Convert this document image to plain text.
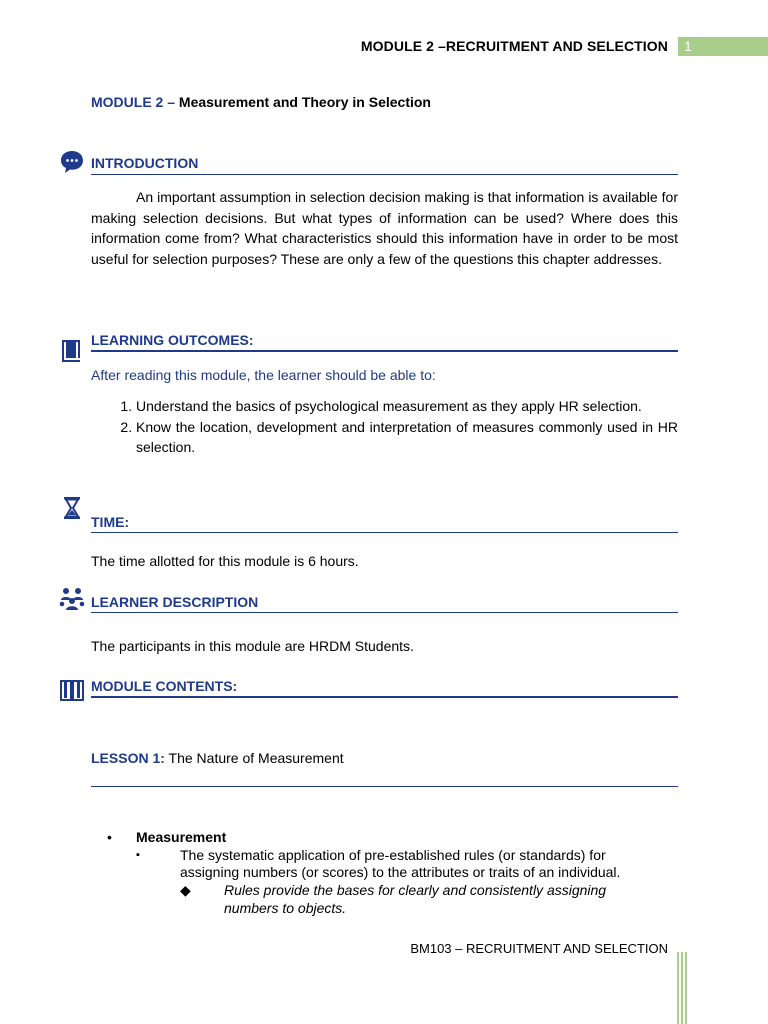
MODULE 2 –RECRUITMENT AND SELECTION	1
MODULE 2 – Measurement and Theory in Selection
INTRODUCTION
An important assumption in selection decision making is that information is available for making selection decisions. But what types of information can be used? Where does this information come from? What characteristics should this information have in order to be most useful for selection purposes? These are only a few of the questions this chapter addresses.
LEARNING OUTCOMES:
After reading this module, the learner should be able to:
1. Understand the basics of psychological measurement as they apply HR selection.
2. Know the location, development and interpretation of measures commonly used in HR selection.
TIME:
The time allotted for this module is 6 hours.
LEARNER DESCRIPTION
The participants in this module are HRDM Students.
MODULE CONTENTS:
LESSON 1: The Nature of Measurement
• Measurement
▪	The systematic application of pre-established rules (or standards) for
assigning numbers (or scores) to the attributes or traits of an individual.
◆ Rules provide the bases for clearly and consistently assigning
numbers to objects.
BM103 – RECRUITMENT AND SELECTION
